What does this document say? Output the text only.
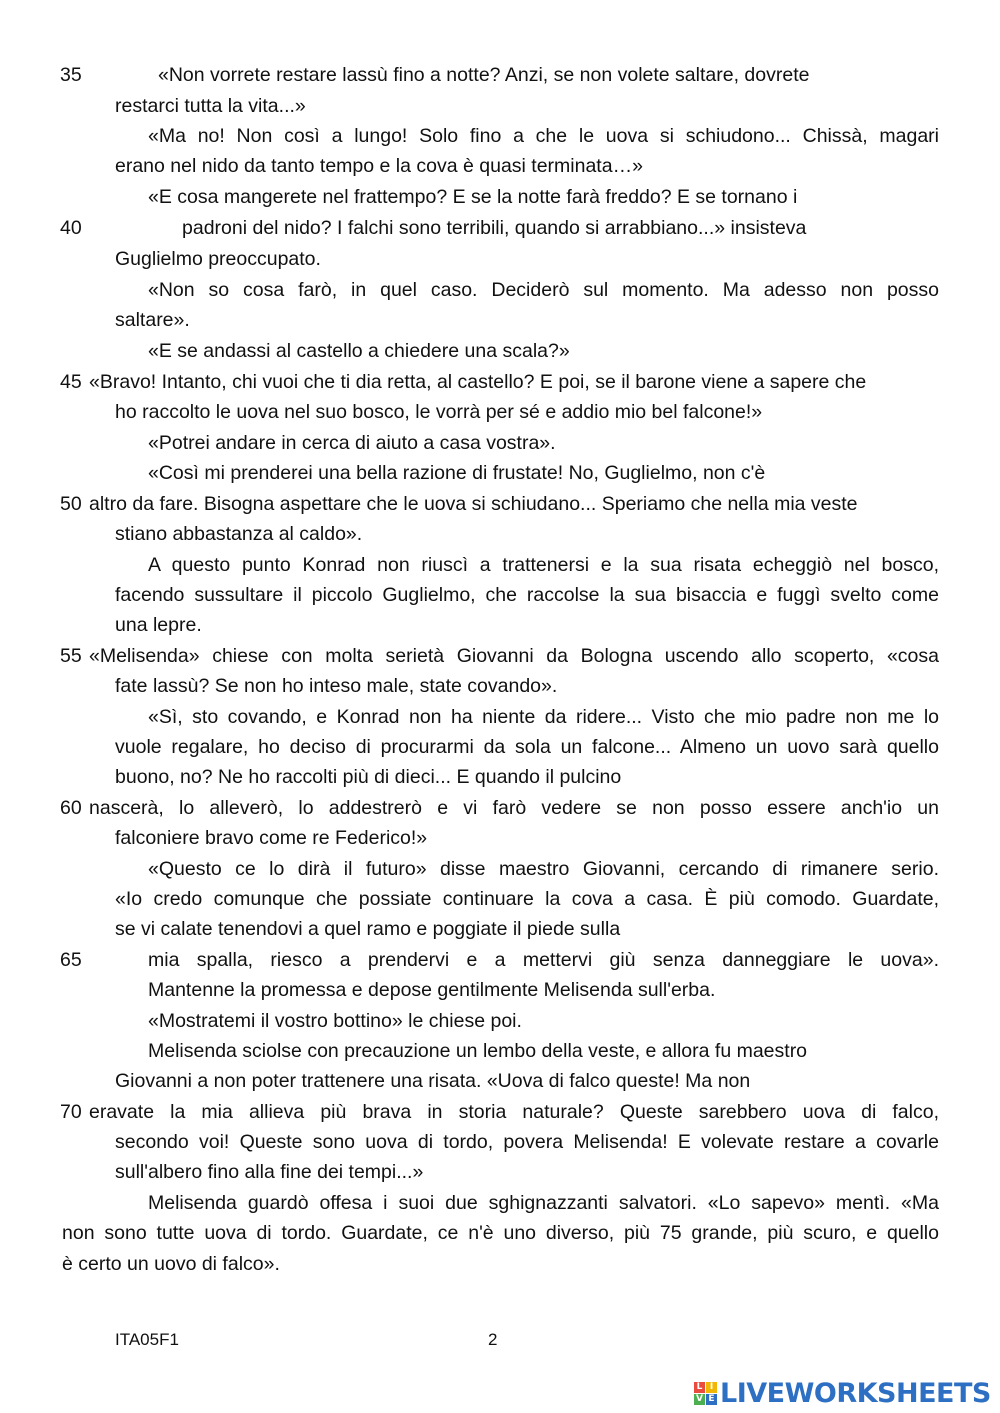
35	«Non vorrete restare lassù fino a notte? Anzi, se non volete saltare, dovrete
restarci tutta la vita...»
«Ma no! Non così a lungo! Solo fino a che le uova si schiudono... Chissà, magari
erano nel nido da tanto tempo e la cova è quasi terminata…»
«E cosa mangerete nel frattempo? E se la notte farà freddo? E se tornano i
40	padroni del nido? I falchi sono terribili, quando si arrabbiano...» insisteva
Guglielmo preoccupato.
«Non so cosa farò, in quel caso. Deciderò sul momento. Ma adesso non posso
saltare».
«E se andassi al castello a chiedere una scala?»
45 «Bravo! Intanto, chi vuoi che ti dia retta, al castello? E poi, se il barone viene a sapere che
ho raccolto le uova nel suo bosco, le vorrà per sé e addio mio bel falcone!»
«Potrei andare in cerca di aiuto a casa vostra».
«Così mi prenderei una bella razione di frustate! No, Guglielmo, non c'è
50 altro da fare. Bisogna aspettare che le uova si schiudano... Speriamo che nella mia veste
stiano abbastanza al caldo».
A questo punto Konrad non riuscì a trattenersi e la sua risata echeggiò nel bosco,
facendo sussultare il piccolo Guglielmo, che raccolse la sua bisaccia e fuggì svelto come
una lepre.
55 «Melisenda» chiese con molta serietà Giovanni da Bologna uscendo allo scoperto, «cosa
fate lassù? Se non ho inteso male, state covando».
«Sì, sto covando, e Konrad non ha niente da ridere... Visto che mio padre non me lo
vuole regalare, ho deciso di procurarmi da sola un falcone... Almeno un uovo sarà quello
buono, no? Ne ho raccolti più di dieci... E quando il pulcino
60 nascerà, lo alleverò, lo addestrerò e vi farò vedere se non posso essere anch'io un
falconiere bravo come re Federico!»
«Questo ce lo dirà il futuro» disse maestro Giovanni, cercando di rimanere serio.
«Io credo comunque che possiate continuare la cova a casa. È più comodo. Guardate,
se vi calate tenendovi a quel ramo e poggiate il piede sulla
65	mia spalla, riesco a prendervi e a mettervi giù senza danneggiare le uova».
Mantenne la promessa e depose gentilmente Melisenda sull'erba.
«Mostratemi il vostro bottino» le chiese poi.
Melisenda sciolse con precauzione un lembo della veste, e allora fu maestro
Giovanni a non poter trattenere una risata. «Uova di falco queste! Ma non
70 eravate la mia allieva più brava in storia naturale? Queste sarebbero uova di falco,
secondo voi! Queste sono uova di tordo, povera Melisenda! E volevate restare a covarle
sull'albero fino alla fine dei tempi...»
Melisenda guardò offesa i suoi due sghignazzanti salvatori. «Lo sapevo» mentì. «Ma
non sono tutte uova di tordo. Guardate, ce n'è uno diverso, più 75 grande, più scuro, e quello
è certo un uovo di falco».
ITA05F1	2
L I
V E LIVEWORKSHEETS
